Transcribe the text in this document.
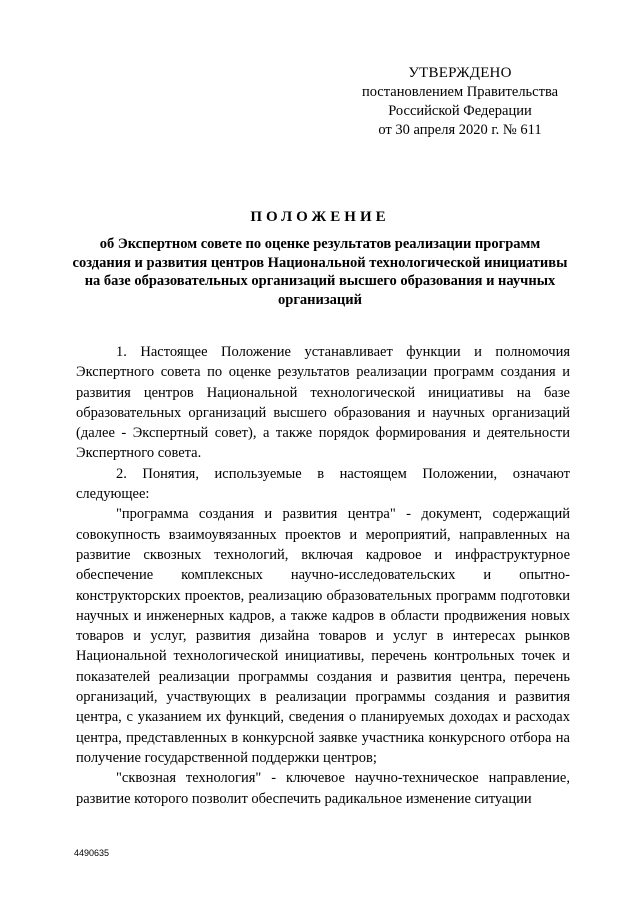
УТВЕРЖДЕНО
постановлением Правительства
Российской Федерации
от 30 апреля 2020 г. № 611
ПОЛОЖЕНИЕ
об Экспертном совете по оценке результатов реализации программ создания и развития центров Национальной технологической инициативы на базе образовательных организаций высшего образования и научных организаций

1. Настоящее Положение устанавливает функции и полномочия Экспертного совета по оценке результатов реализации программ создания и развития центров Национальной технологической инициативы на базе образовательных организаций высшего образования и научных организаций (далее - Экспертный совет), а также порядок формирования и деятельности Экспертного совета.

2. Понятия, используемые в настоящем Положении, означают следующее:

"программа создания и развития центра" - документ, содержащий совокупность взаимоувязанных проектов и мероприятий, направленных на развитие сквозных технологий, включая кадровое и инфраструктурное обеспечение комплексных научно-исследовательских и опытно-конструкторских проектов, реализацию образовательных программ подготовки научных и инженерных кадров, а также кадров в области продвижения новых товаров и услуг, развития дизайна товаров и услуг в интересах рынков Национальной технологической инициативы, перечень контрольных точек и показателей реализации программы создания и развития центра, перечень организаций, участвующих в реализации программы создания и развития центра, с указанием их функций, сведения о планируемых доходах и расходах центра, представленных в конкурсной заявке участника конкурсного отбора на получение государственной поддержки центров;

"сквозная технология" - ключевое научно-техническое направление, развитие которого позволит обеспечить радикальное изменение ситуации

4490635
